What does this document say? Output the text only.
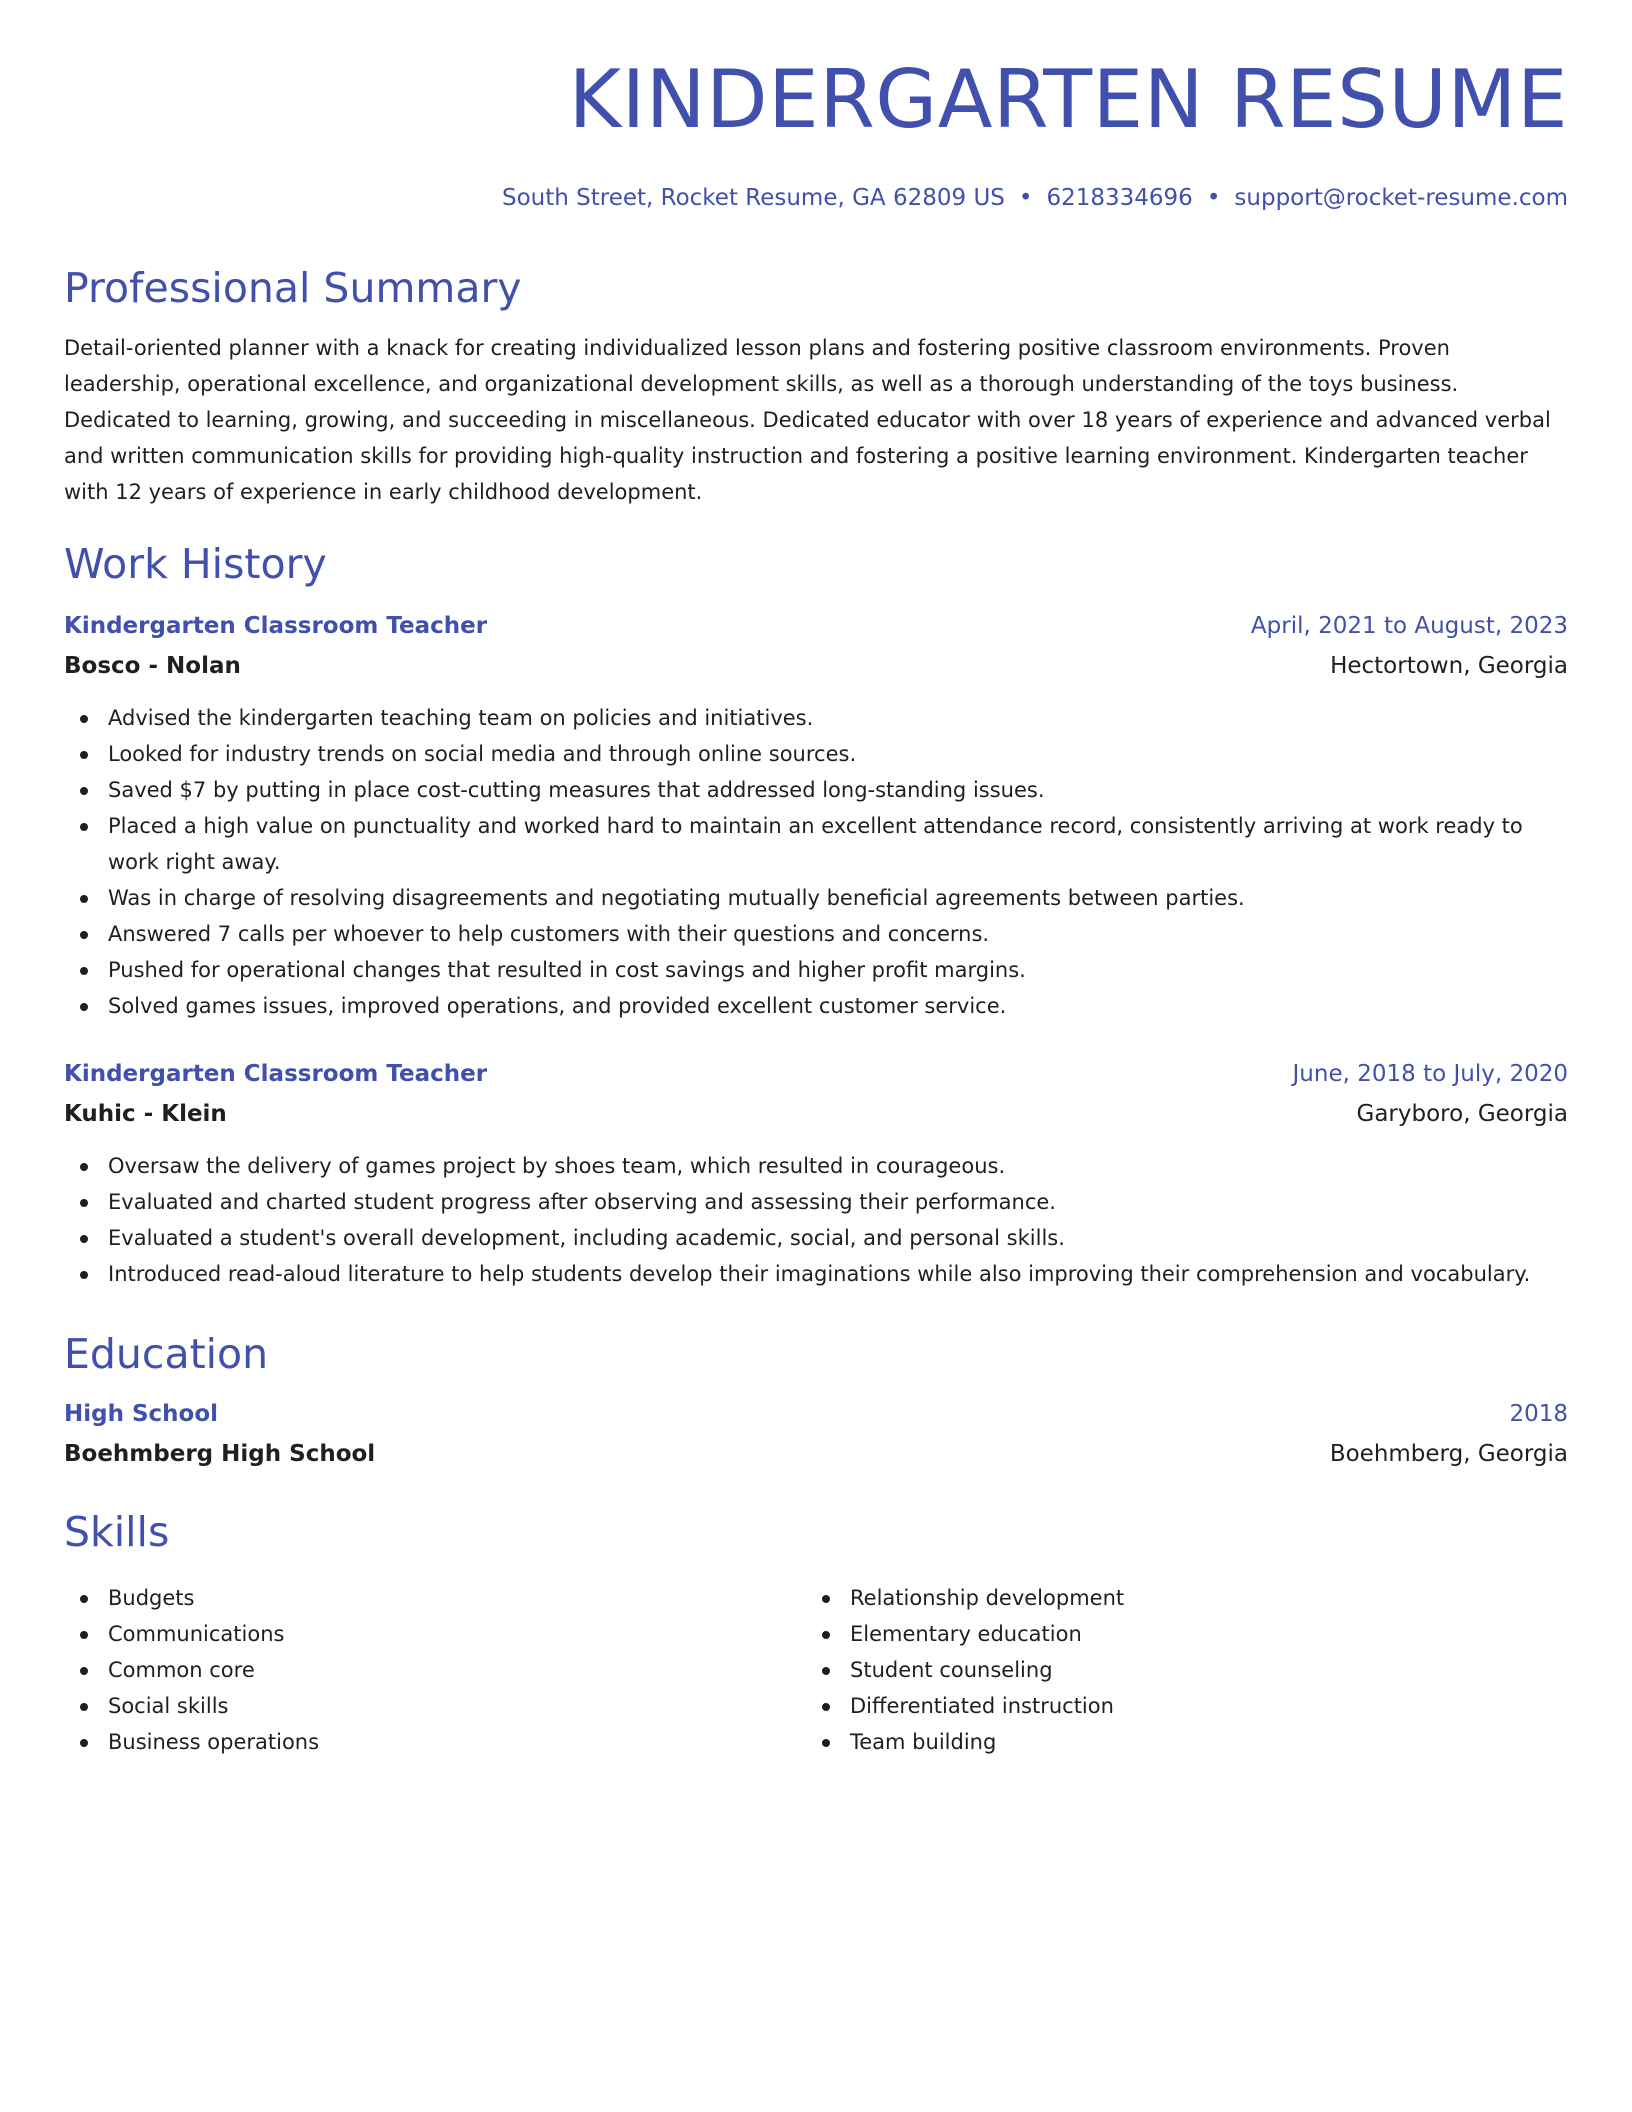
KINDERGARTEN RESUME
South Street, Rocket Resume, GA 62809 US • 6218334696 • support@rocket-resume.com
Professional Summary

Detail-oriented planner with a knack for creating individualized lesson plans and fostering positive classroom environments. Proven leadership, operational excellence, and organizational development skills, as well as a thorough understanding of the toys business. Dedicated to learning, growing, and succeeding in miscellaneous. Dedicated educator with over 18 years of experience and advanced verbal and written communication skills for providing high-quality instruction and fostering a positive learning environment. Kindergarten teacher with 12 years of experience in early childhood development.

Work History
Kindergarten Classroom Teacher	April, 2021 to August, 2023
Bosco - Nolan	Hectortown, Georgia
Advised the kindergarten teaching team on policies and initiatives.
Looked for industry trends on social media and through online sources.
Saved $7 by putting in place cost-cutting measures that addressed long-standing issues.
Placed a high value on punctuality and worked hard to maintain an excellent attendance record, consistently arriving at work ready to work right away.
Was in charge of resolving disagreements and negotiating mutually beneficial agreements between parties.
Answered 7 calls per whoever to help customers with their questions and concerns.
Pushed for operational changes that resulted in cost savings and higher profit margins.
Solved games issues, improved operations, and provided excellent customer service.
Kindergarten Classroom Teacher	June, 2018 to July, 2020
Kuhic - Klein	Garyboro, Georgia
Oversaw the delivery of games project by shoes team, which resulted in courageous.
Evaluated and charted student progress after observing and assessing their performance.
Evaluated a student's overall development, including academic, social, and personal skills.
Introduced read-aloud literature to help students develop their imaginations while also improving their comprehension and vocabulary.
Education
High School	2018
Boehmberg High School	Boehmberg, Georgia
Skills
Budgets
Communications
Common core
Social skills
Business operations
Relationship development
Elementary education
Student counseling
Differentiated instruction
Team building
